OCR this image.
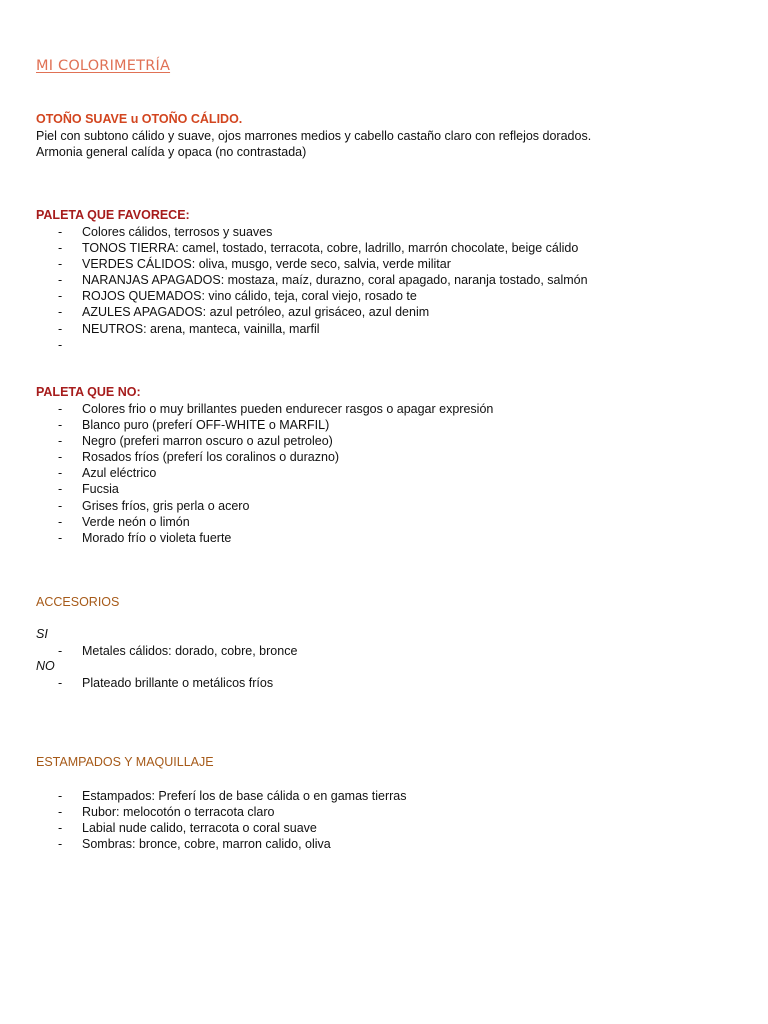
MI COLORIMETRÍA
OTOÑO SUAVE u OTOÑO CÁLIDO.
Piel con subtono cálido y suave, ojos marrones medios y cabello castaño claro con reflejos dorados.
Armonia general calída y opaca (no contrastada)
PALETA QUE FAVORECE:
-	Colores cálidos, terrosos y suaves
-	TONOS TIERRA: camel, tostado, terracota, cobre, ladrillo, marrón chocolate, beige cálido
-	VERDES CÁLIDOS: oliva, musgo, verde seco, salvia, verde militar
-	NARANJAS APAGADOS: mostaza, maíz, durazno, coral apagado, naranja tostado, salmón
-	ROJOS QUEMADOS: vino cálido, teja, coral viejo, rosado te
-	AZULES APAGADOS: azul petróleo, azul grisáceo, azul denim
-	NEUTROS: arena, manteca, vainilla, marfil
-
PALETA QUE NO:
-	Colores frio o muy brillantes pueden endurecer rasgos o apagar expresión
-	Blanco puro (preferí OFF-WHITE o MARFIL)
-	Negro (preferi marron oscuro o azul petroleo)
-	Rosados fríos (preferí los coralinos o durazno)
-	Azul eléctrico
-	Fucsia
-	Grises fríos, gris perla o acero
-	Verde neón o limón
-	Morado frío o violeta fuerte
ACCESORIOS
SI
-	Metales cálidos: dorado, cobre, bronce
NO
-	Plateado brillante o metálicos fríos
ESTAMPADOS Y MAQUILLAJE
-	Estampados: Preferí los de base cálida o en gamas tierras
-	Rubor: melocotón o terracota claro
-	Labial nude calido, terracota o coral suave
-	Sombras: bronce, cobre, marron calido, oliva
